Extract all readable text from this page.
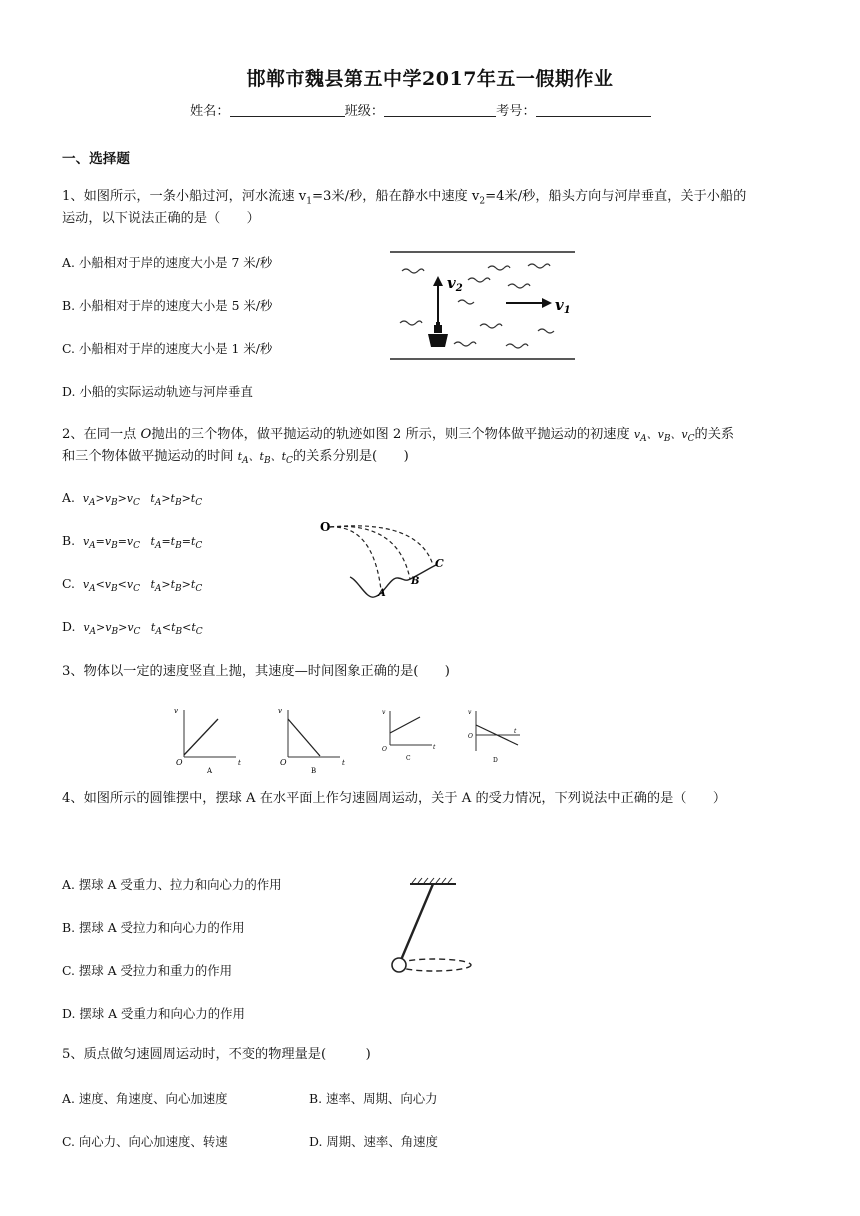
邯郸市魏县第五中学2017年五一假期作业
姓名：	班级：	考号：
一、选择题
1、如图所示，一条小船过河，河水流速 $v_1=3$米/秒，船在静水中速度 $v_2=4$米/秒，船头方向与河岸垂直，关于小船的
运动，以下说法正确的是（　　）
A. 小船相对于岸的速度大小是 7 米/秒
B. 小船相对于岸的速度大小是 5 米/秒
C. 小船相对于岸的速度大小是 1 米/秒
D. 小船的实际运动轨迹与河岸垂直
$v_2$
$v_1$
2、在同一点 O抛出的三个物体，做平抛运动的轨迹如图 2 所示，则三个物体做平抛运动的初速度 $v_A$、$v_B$、$v_C$的关系
和三个物体做平抛运动的时间 $t_A$、$t_B$、$t_C$的关系分别是(　　)
A. $v_A>v_B>v_C$   $t_A>t_B>t_C$
B. $v_A=v_B=v_C$   $t_A=t_B=t_C$
C. $v_A<v_B<v_C$   $t_A>t_B>t_C$
D. $v_A>v_B>v_C$   $t_A<t_B<t_C$
O
A
B
C
3、物体以一定的速度竖直上抛，其速度—时间图象正确的是(　　)
v
O	t
A
v
O	t
B
v
O	t
C
v
O
t
D
4、如图所示的圆锥摆中，摆球 A 在水平面上作匀速圆周运动，关于 A 的受力情况，下列说法中正确的是（　　）
A. 摆球 A 受重力、拉力和向心力的作用
B. 摆球 A 受拉力和向心力的作用
C. 摆球 A 受拉力和重力的作用
D. 摆球 A 受重力和向心力的作用
5、质点做匀速圆周运动时，不变的物理量是(　　　)
A. 速度、角速度、向心加速度	B. 速率、周期、向心力
C. 向心力、向心加速度、转速	D. 周期、速率、角速度
